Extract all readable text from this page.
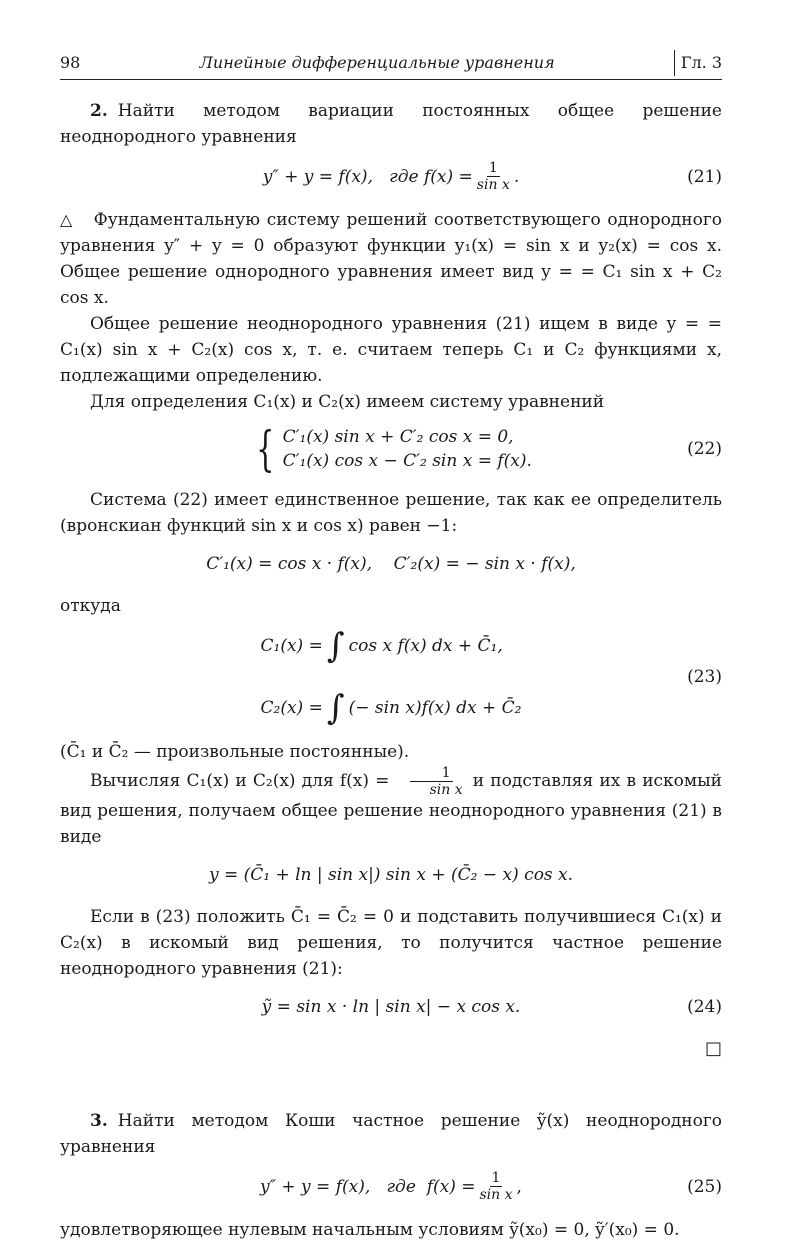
98	Линейные дифференциальные уравнения	Гл. 3

2. Найти методом вариации постоянных общее решение неоднородного уравнения

y″ + y = f(x),   где $f(x) = \frac{1}{\text{sin x}}$ .	(21)

△ Фундаментальную систему решений соответствующего однородного уравнения y″ + y = 0 образуют функции y₁(x) = sin x и y₂(x) = cos x. Общее решение однородного уравнения имеет вид y = = C₁ sin x + C₂ cos x.

Общее решение неоднородного уравнения (21) ищем в виде y = = C₁(x) sin x + C₂(x) cos x, т. е. считаем теперь C₁ и C₂ функциями x, подлежащими определению.

Для определения C₁(x) и C₂(x) имеем систему уравнений

{ C′₁(x) sin x + C′₂ cos x = 0,
C′₁(x) cos x − C′₂ sin x = f(x).
(22)

Система (22) имеет единственное решение, так как ее определитель (вронскиан функций sin x и cos x) равен −1:

C′₁(x) = cos x · f(x),    C′₂(x) = − sin x · f(x),

откуда

C₁(x) = ∫ cos x f(x) dx + C̄₁,
C₂(x) = ∫ (− sin x)f(x) dx + C̄₂
(23)

(C̄₁ и C̄₂ — произвольные постоянные).

Вычисляя C₁(x) и C₂(x) для $f(x) = \frac{1}{\text{sin x}}$ и подставляя их в искомый вид решения, получаем общее решение неоднородного уравнения (21) в виде

y = (C̄₁ + ln | sin x|) sin x + (C̄₂ − x) cos x.

Если в (23) положить C̄₁ = C̄₂ = 0 и подставить получившиеся C₁(x) и C₂(x) в искомый вид решения, то получится частное решение неоднородного уравнения (21):

ỹ = sin x · ln | sin x| − x cos x.	(24)
□

3. Найти методом Коши частное решение ỹ(x) неоднородного уравнения

y″ + y = f(x),   где  $f(x) = \frac{1}{\text{sin x}}$ ,	(25)

удовлетворяющее нулевым начальным условиям ỹ(x₀) = 0, ỹ′(x₀) = 0.
